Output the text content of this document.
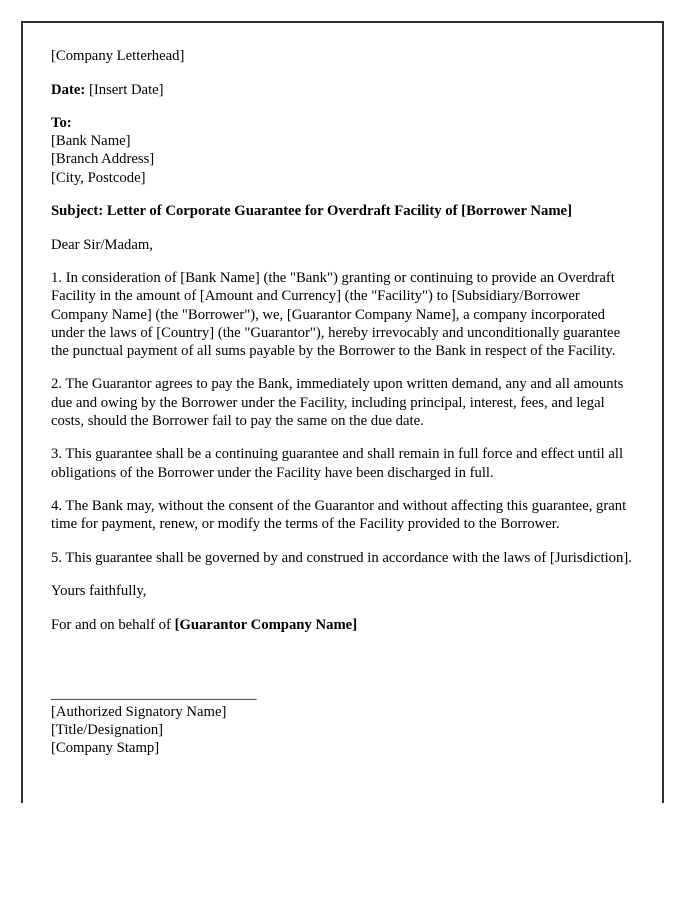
[Company Letterhead]

Date: [Insert Date]

To:
[Bank Name]
[Branch Address]
[City, Postcode]

Subject: Letter of Corporate Guarantee for Overdraft Facility of [Borrower Name]

Dear Sir/Madam,

1. In consideration of [Bank Name] (the "Bank") granting or continuing to provide an Overdraft Facility in the amount of [Amount and Currency] (the "Facility") to [Subsidiary/Borrower Company Name] (the "Borrower"), we, [Guarantor Company Name], a company incorporated under the laws of [Country] (the "Guarantor"), hereby irrevocably and unconditionally guarantee the punctual payment of all sums payable by the Borrower to the Bank in respect of the Facility.

2. The Guarantor agrees to pay the Bank, immediately upon written demand, any and all amounts due and owing by the Borrower under the Facility, including principal, interest, fees, and legal costs, should the Borrower fail to pay the same on the due date.

3. This guarantee shall be a continuing guarantee and shall remain in full force and effect until all obligations of the Borrower under the Facility have been discharged in full.

4. The Bank may, without the consent of the Guarantor and without affecting this guarantee, grant time for payment, renew, or modify the terms of the Facility provided to the Borrower.

5. This guarantee shall be governed by and construed in accordance with the laws of [Jurisdiction].

Yours faithfully,

For and on behalf of [Guarantor Company Name]

____________________________
[Authorized Signatory Name]
[Title/Designation]
[Company Stamp]
